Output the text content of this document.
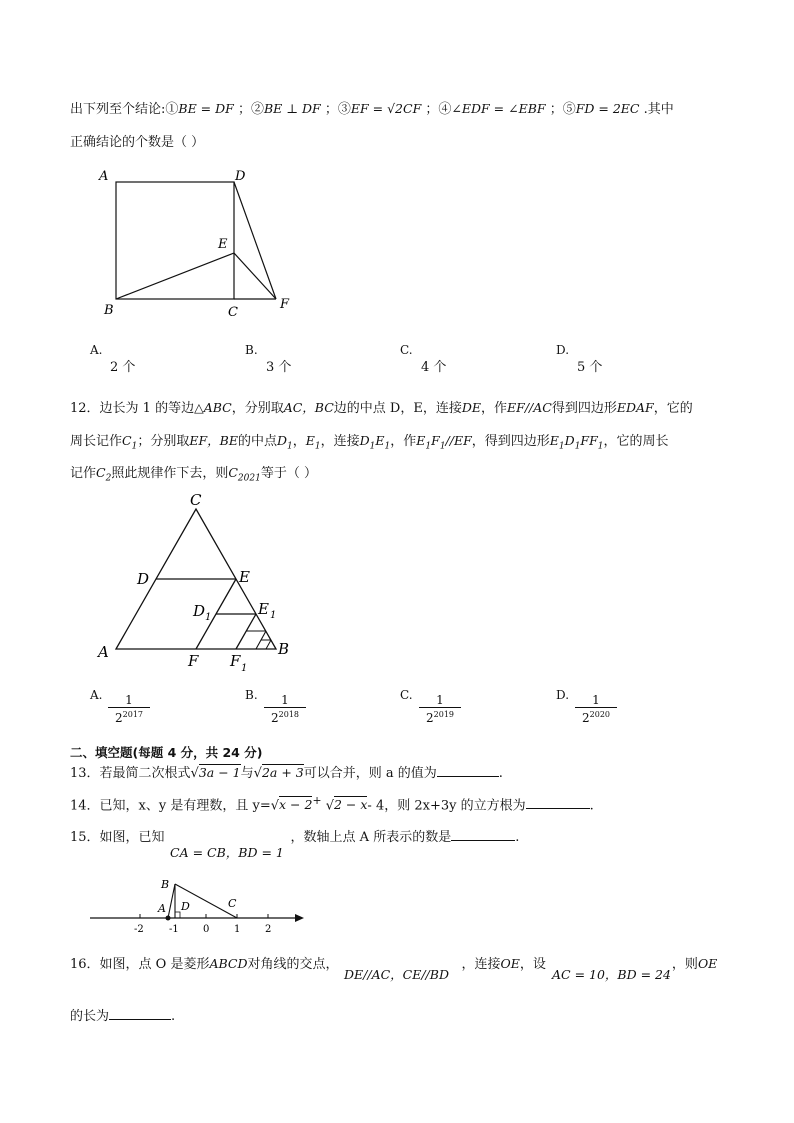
出下列至个结论:①BE = DF ；②BE ⊥ DF ；③EF = √2CF ；④∠EDF = ∠EBF ；⑤FD = 2EC .其中
正确结论的个数是（ ）
A	D
E
B	C
F
A.
2 个
B.
3 个
C.
4 个
D.
5 个
12．边长为 1 的等边△ABC，分别取AC，BC边的中点 D，E，连接DE，作EF//AC得到四边形EDAF，它的
周长记作$C_1$；分别取EF，BE的中点$D_1$，$E_1$，连接$D_1E_1$，作$E_1F_1//EF$，得到四边形$E_1D_1FF_1$，它的周长
记作$C_2$照此规律作下去，则$C_{2021}$等于（ ）
C
D	E
D 1	E 1
A	F F 1
B
A. $\frac{1}{2^{2017}}$	B. $\frac{1}{2^{2018}}$	C. $\frac{1}{2^{2019}}$	D. $\frac{1}{2^{2020}}$
二、填空题(每题 4 分，共 24 分)
13．若最简二次根式√3a − 1与√2a + 3可以合并，则 a 的值为	.
14．已知，x、y 是有理数，且 y=√x − 2+ √2 − x- 4，则 2x+3y 的立方根为	.
15．如图，已知	，数轴上点 A 所表示的数是	.
CA = CB，BD = 1
B
A D	C
-2	-1 0 1 2
16．如图，点 O 是菱形ABCD对角线的交点，	，连接OE，设	，则OE
DE//AC，CE//BD	AC = 10，BD = 24
的长为	.
